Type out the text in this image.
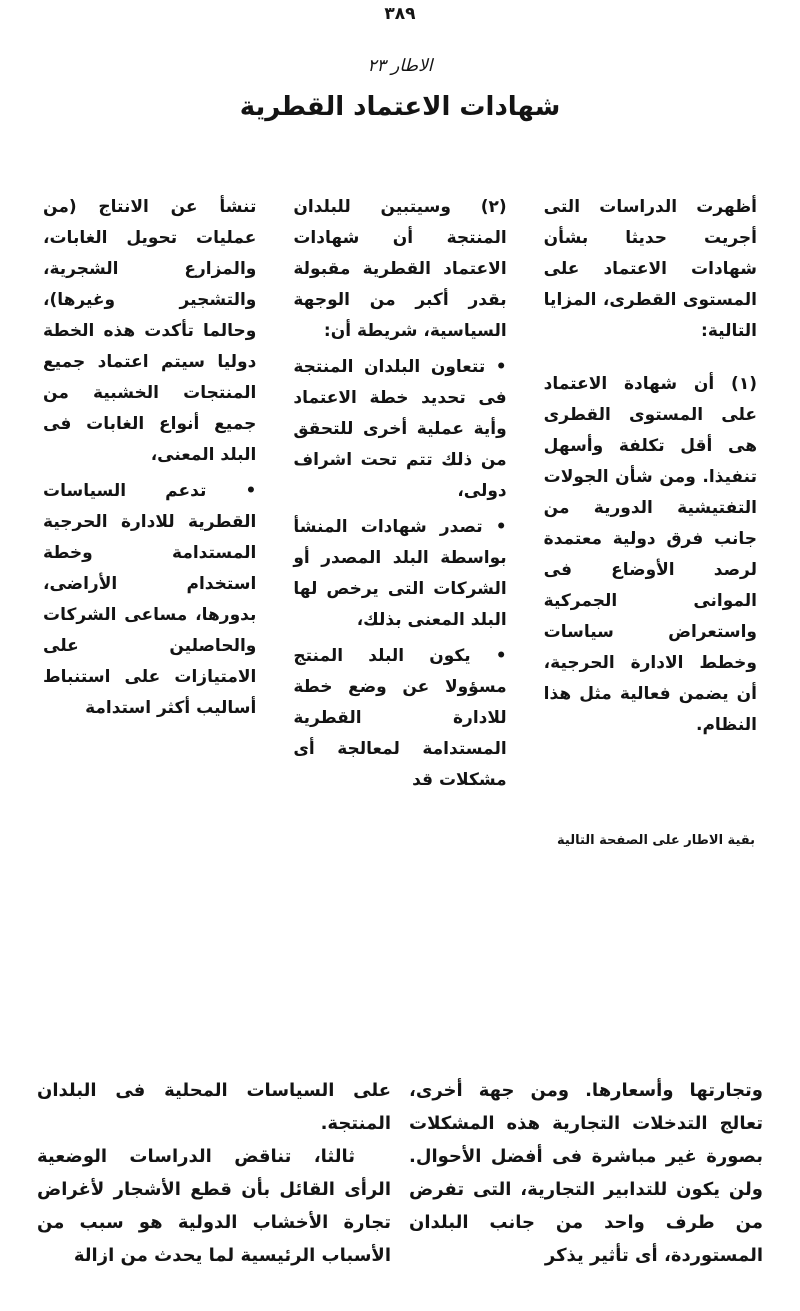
٣٨٩
الاطار ٢٣
شهادات الاعتماد القطرية

أظهرت الدراسات التى أجريت حديثا بشأن شهادات الاعتماد على المستوى القطرى، المزايا التالية:

(١) أن شهادة الاعتماد على المستوى القطرى هى أقل تكلفة وأسهل تنفيذا. ومن شأن الجولات التفتيشية الدورية من جانب فرق دولية معتمدة لرصد الأوضاع فى الموانى الجمركية واستعراض سياسات وخطط الادارة الحرجية، أن يضمن فعالية مثل هذا النظام.

(٢) وسيتبين للبلدان المنتجة أن شهادات الاعتماد القطرية مقبولة بقدر أكبر من الوجهة السياسية، شريطة أن:

• تتعاون البلدان المنتجة فى تحديد خطة الاعتماد وأية عملية أخرى للتحقق من ذلك تتم تحت اشراف دولى،

• تصدر شهادات المنشأ بواسطة البلد المصدر أو الشركات التى يرخص لها البلد المعنى بذلك،

• يكون البلد المنتج مسؤولا عن وضع خطة للادارة القطرية المستدامة لمعالجة أى مشكلات قد

تنشأ عن الانتاج (من عمليات تحويل الغابات، والمزارع الشجرية، والتشجير وغيرها)، وحالما تأكدت هذه الخطة دوليا سيتم اعتماد جميع المنتجات الخشبية من جميع أنواع الغابات فى البلد المعنى،

• تدعم السياسات القطرية للادارة الحرجية المستدامة وخطة استخدام الأراضى، بدورها، مساعى الشركات والحاصلين على الامتيازات على استنباط أساليب أكثر استدامة

بقية الاطار على الصفحة التالية

وتجارتها وأسعارها. ومن جهة أخرى، تعالج التدخلات التجارية هذه المشكلات بصورة غير مباشرة فى أفضل الأحوال. ولن يكون للتدابير التجارية، التى تفرض من طرف واحد من جانب البلدان المستوردة، أى تأثير يذكر

على السياسات المحلية فى البلدان المنتجة.

ثالثا، تناقض الدراسات الوضعية الرأى القائل بأن قطع الأشجار لأغراض تجارة الأخشاب الدولية هو سبب من الأسباب الرئيسية لما يحدث من ازالة
